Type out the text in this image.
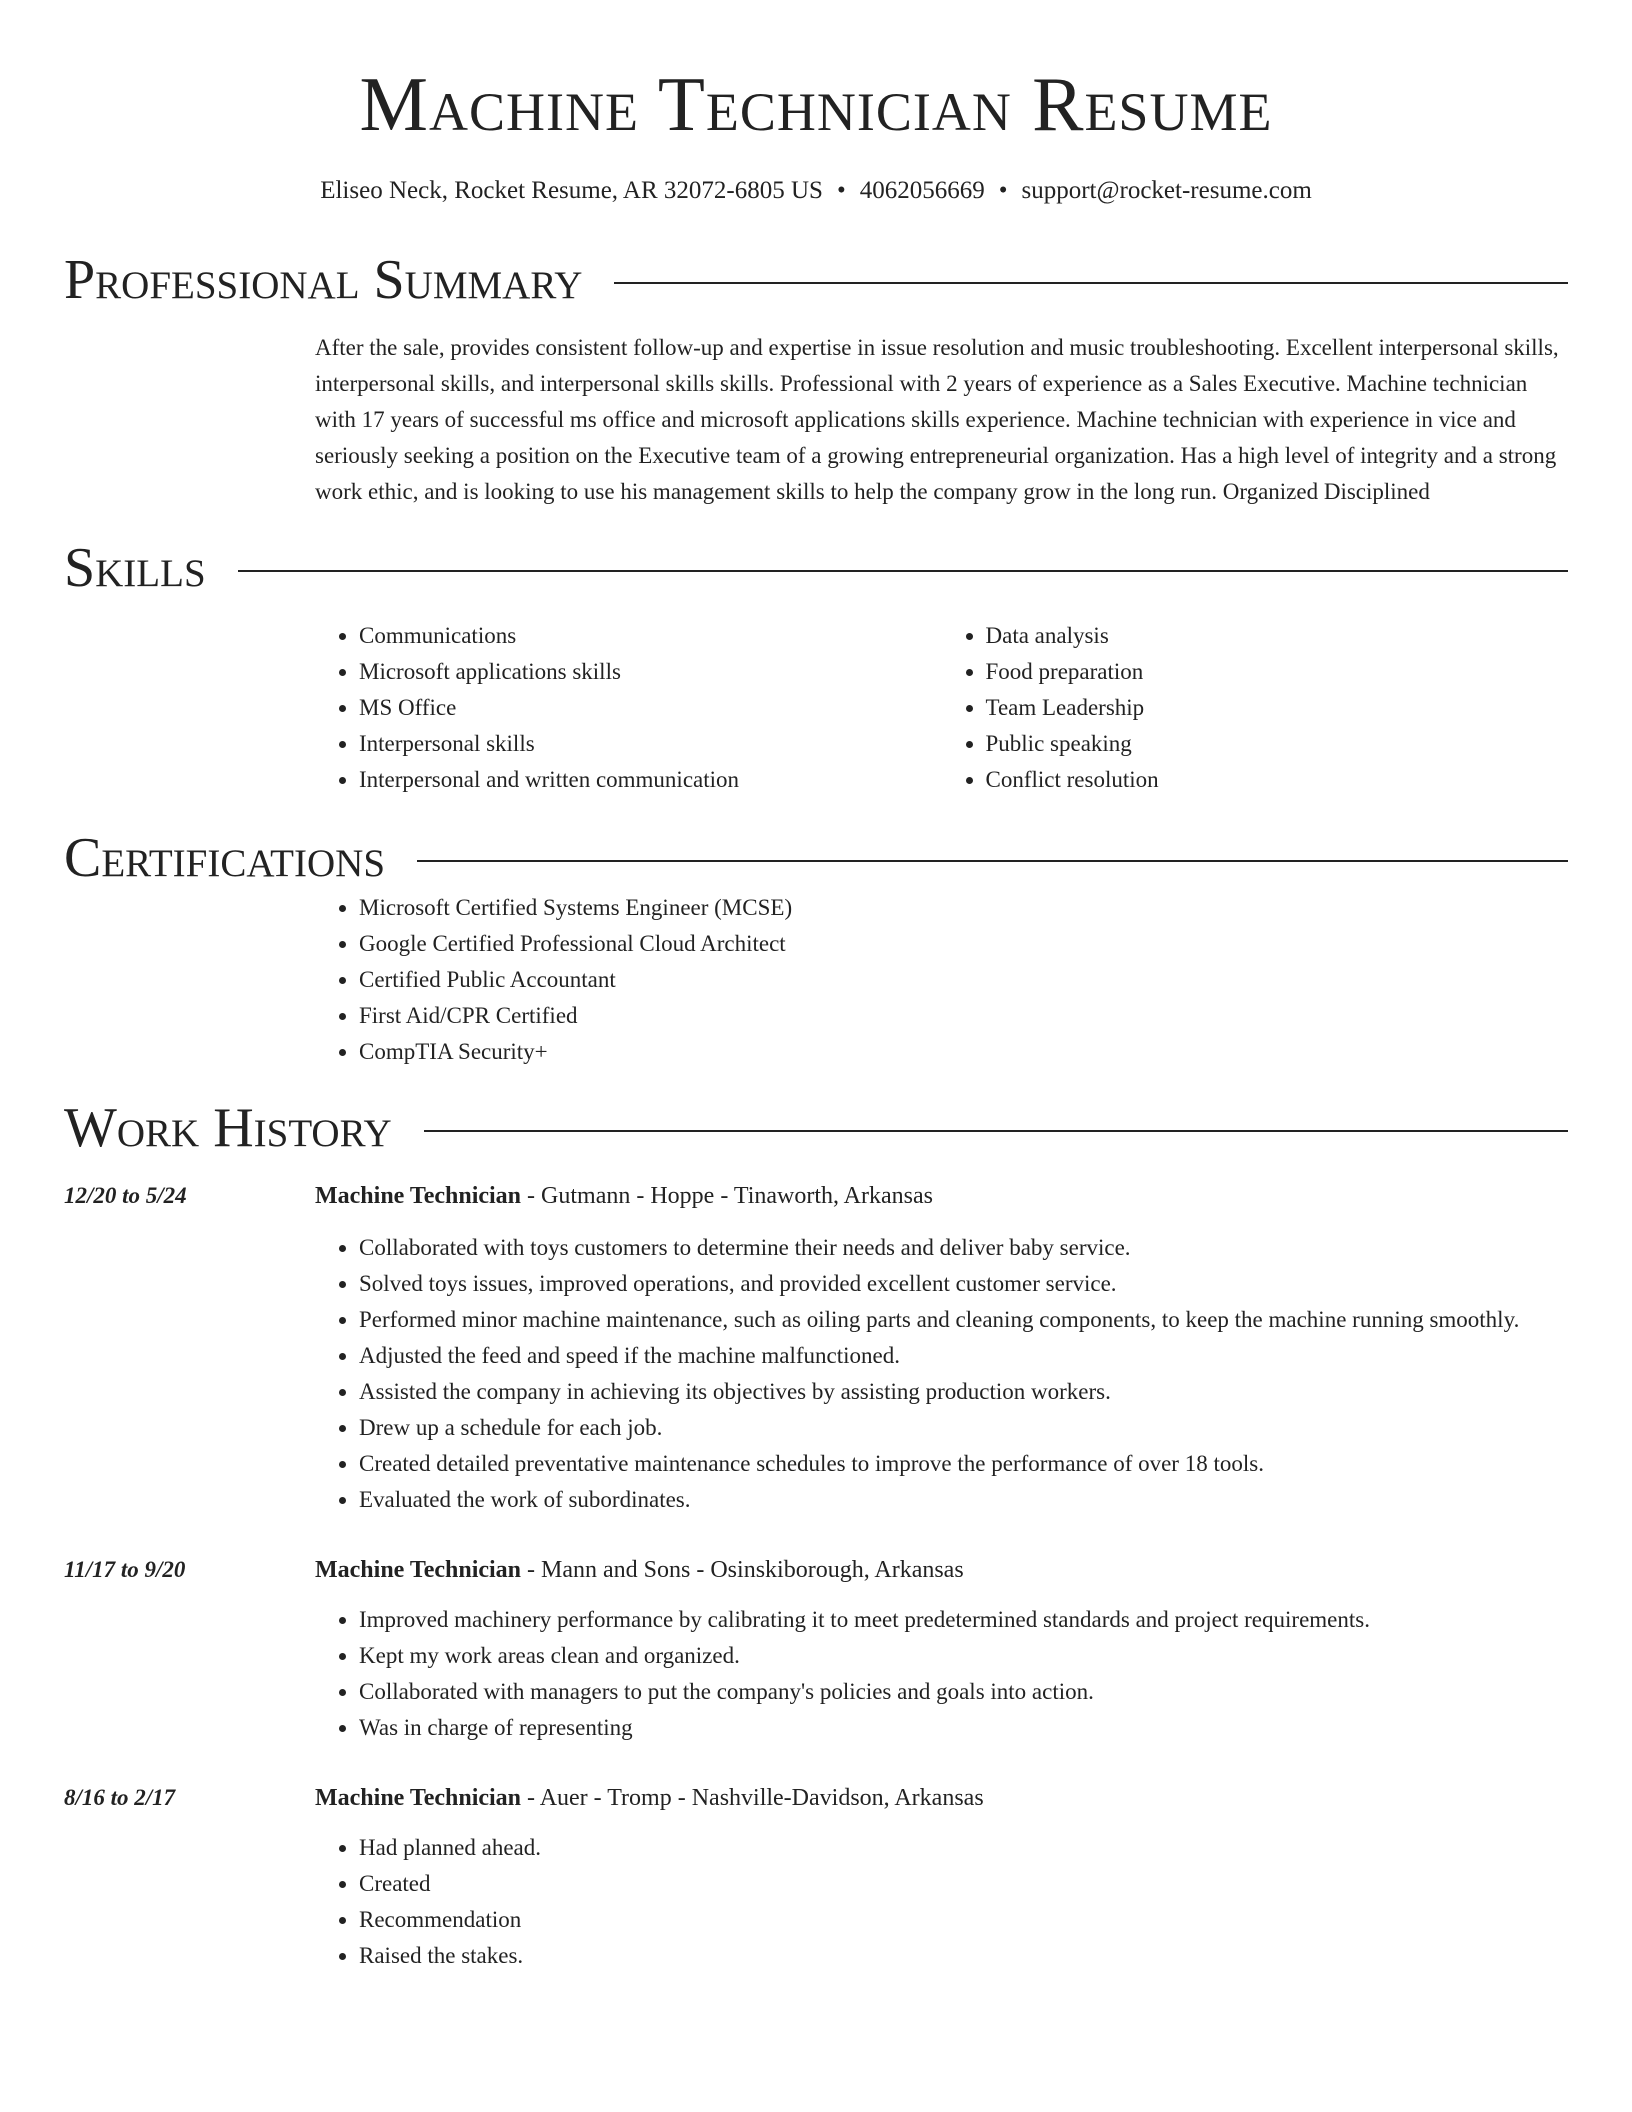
Machine Technician Resume
Eliseo Neck, Rocket Resume, AR 32072-6805 US • 4062056669 • support@rocket-resume.com
Professional Summary

After the sale, provides consistent follow-up and expertise in issue resolution and music troubleshooting. Excellent interpersonal skills, interpersonal skills, and interpersonal skills skills. Professional with 2 years of experience as a Sales Executive. Machine technician with 17 years of successful ms office and microsoft applications skills experience. Machine technician with experience in vice and seriously seeking a position on the Executive team of a growing entrepreneurial organization. Has a high level of integrity and a strong work ethic, and is looking to use his management skills to help the company grow in the long run. Organized Disciplined

Skills
• Communications
• Microsoft applications skills
• MS Office
• Interpersonal skills
• Interpersonal and written communication
• Data analysis
• Food preparation
• Team Leadership
• Public speaking
• Conflict resolution
Certifications
• Microsoft Certified Systems Engineer (MCSE)
• Google Certified Professional Cloud Architect
• Certified Public Accountant
• First Aid/CPR Certified
• CompTIA Security+
Work History
12/20 to 5/24	Machine Technician - Gutmann - Hoppe - Tinaworth, Arkansas
• Collaborated with toys customers to determine their needs and deliver baby service.
• Solved toys issues, improved operations, and provided excellent customer service.
• Performed minor machine maintenance, such as oiling parts and cleaning components, to keep the machine running smoothly.
• Adjusted the feed and speed if the machine malfunctioned.
• Assisted the company in achieving its objectives by assisting production workers.
• Drew up a schedule for each job.
• Created detailed preventative maintenance schedules to improve the performance of over 18 tools.
• Evaluated the work of subordinates.
11/17 to 9/20	Machine Technician - Mann and Sons - Osinskiborough, Arkansas
• Improved machinery performance by calibrating it to meet predetermined standards and project requirements.
• Kept my work areas clean and organized.
• Collaborated with managers to put the company's policies and goals into action.
• Was in charge of representing
8/16 to 2/17	Machine Technician - Auer - Tromp - Nashville-Davidson, Arkansas
• Had planned ahead.
• Created
• Recommendation
• Raised the stakes.
